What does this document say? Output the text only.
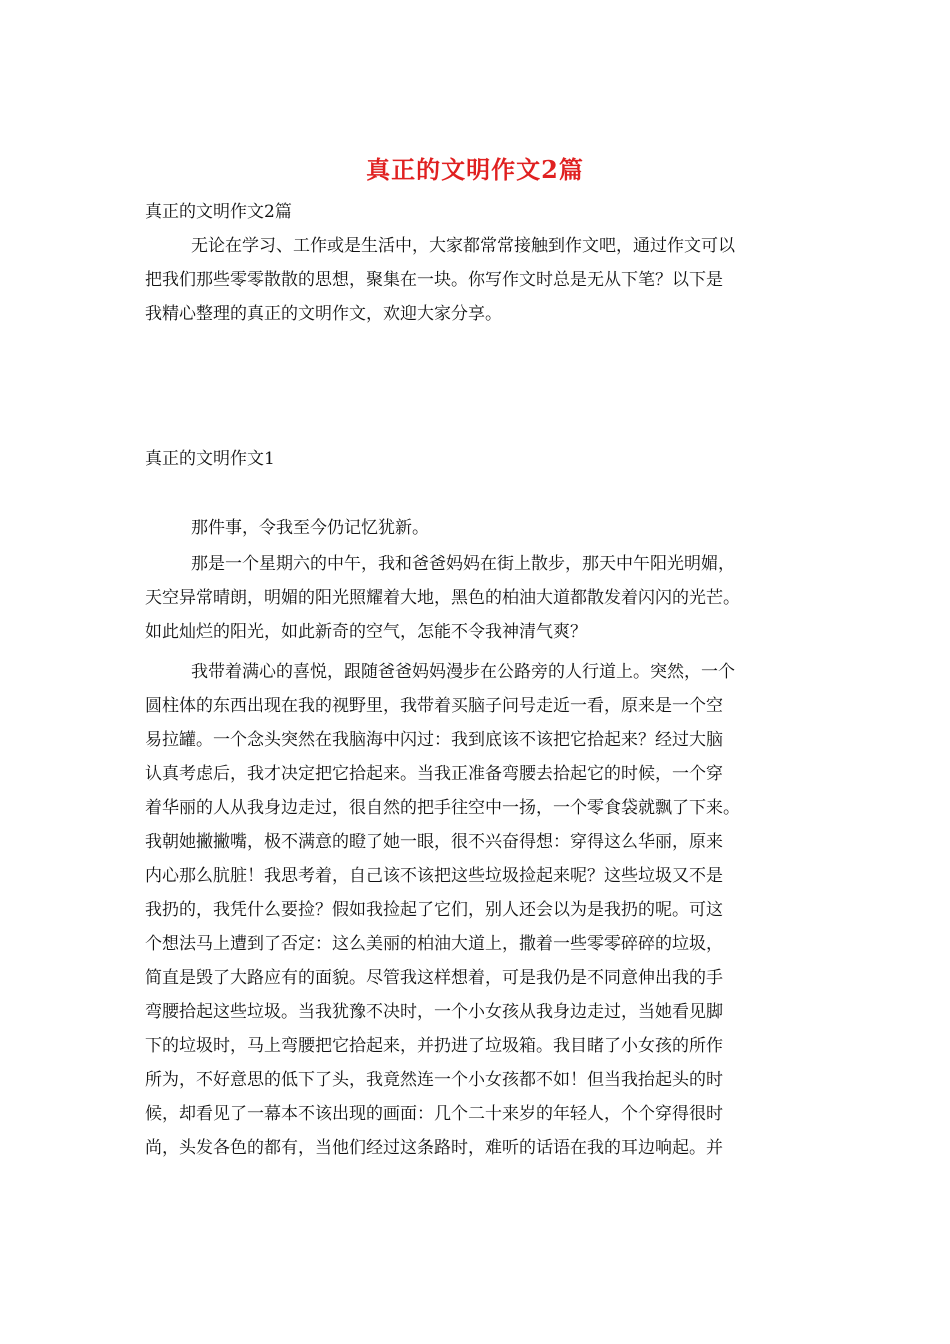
真正的文明作文2篇
真正的文明作文2篇
无论在学习、工作或是生活中，大家都常常接触到作文吧，通过作文可以
把我们那些零零散散的思想，聚集在一块。你写作文时总是无从下笔？以下是
我精心整理的真正的文明作文，欢迎大家分享。
真正的文明作文1
那件事，令我至今仍记忆犹新。
那是一个星期六的中午，我和爸爸妈妈在街上散步，那天中午阳光明媚，
天空异常晴朗，明媚的阳光照耀着大地，黑色的柏油大道都散发着闪闪的光芒。
如此灿烂的阳光，如此新奇的空气，怎能不令我神清气爽？
我带着满心的喜悦，跟随爸爸妈妈漫步在公路旁的人行道上。突然，一个
圆柱体的东西出现在我的视野里，我带着买脑子问号走近一看，原来是一个空
易拉罐。一个念头突然在我脑海中闪过：我到底该不该把它拾起来？经过大脑
认真考虑后，我才决定把它拾起来。当我正准备弯腰去拾起它的时候，一个穿
着华丽的人从我身边走过，很自然的把手往空中一扬，一个零食袋就飘了下来。
我朝她撇撇嘴，极不满意的瞪了她一眼，很不兴奋得想：穿得这么华丽，原来
内心那么肮脏！我思考着，自己该不该把这些垃圾捡起来呢？这些垃圾又不是
我扔的，我凭什么要捡？假如我捡起了它们，别人还会以为是我扔的呢。可这
个想法马上遭到了否定：这么美丽的柏油大道上，撒着一些零零碎碎的垃圾，
简直是毁了大路应有的面貌。尽管我这样想着，可是我仍是不同意伸出我的手
弯腰拾起这些垃圾。当我犹豫不决时，一个小女孩从我身边走过，当她看见脚
下的垃圾时，马上弯腰把它拾起来，并扔进了垃圾箱。我目睹了小女孩的所作
所为，不好意思的低下了头，我竟然连一个小女孩都不如！但当我抬起头的时
候，却看见了一幕本不该出现的画面：几个二十来岁的年轻人，个个穿得很时
尚，头发各色的都有，当他们经过这条路时，难听的话语在我的耳边响起。并
